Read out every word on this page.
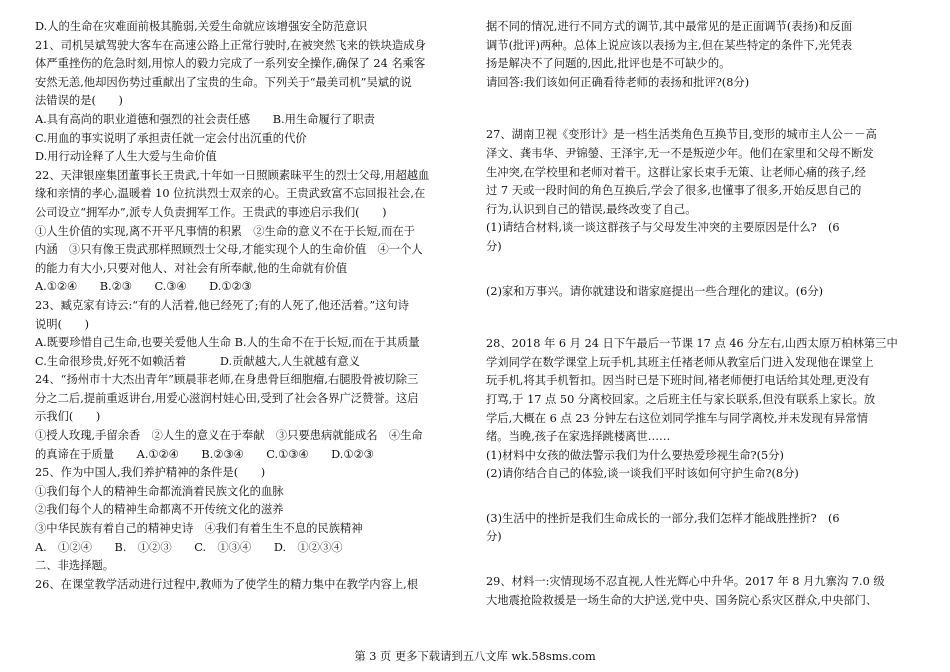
D.人的生命在灾难面前极其脆弱,关爱生命就应该增强安全防范意识
21、司机吴斌驾驶大客车在高速公路上正常行驶时,在被突然飞来的铁块造成身
体严重挫伤的危急时刻,用惊人的毅力完成了一系列安全操作,确保了 24 名乘客
安然无恙,他却因伤势过重献出了宝贵的生命。下列关于“最美司机”吴斌的说
法错误的是(　　)
A.具有高尚的职业道德和强烈的社会责任感　　B.用生命履行了职责
C.用血的事实说明了承担责任就一定会付出沉重的代价
D.用行动诠释了人生大爱与生命价值
22、天津银座集团董事长王贵武,十年如一日照顾素昧平生的烈士父母,用超越血
缘和亲情的孝心,温暖着 10 位抗洪烈士双亲的心。王贵武致富不忘回报社会,在
公司设立“拥军办”,派专人负责拥军工作。王贵武的事迹启示我们(　　)
①人生价值的实现,离不开平凡事情的积累　②生命的意义不在于长短,而在于
内涵　③只有像王贵武那样照顾烈士父母,才能实现个人的生命价值　④一个人
的能力有大小,只要对他人、对社会有所奉献,他的生命就有价值
A.①②④　　B.②③　　C.③④　　D.①②③
23、臧克家有诗云:“有的人活着,他已经死了;有的人死了,他还活着。”这句诗
说明(　　)
A.既要珍惜自己生命,也要关爱他人生命 B.人的生命不在于长短,而在于其质量
C.生命很珍贵,好死不如赖活着　　　D.贡献越大,人生就越有意义
24、“扬州市十大杰出青年”顾晨菲老师,在身患骨巨细胞瘤,右腿股骨被切除三
分之二后,提前重返讲台,用爱心滋润村娃心田,受到了社会各界广泛赞誉。这启
示我们(　　)
①授人玫瑰,手留余香　②人生的意义在于奉献　③只要患病就能成名　④生命
的真谛在于质量　　A.①②④　　B.②③④　　C.①③④　　D.①②③
25、作为中国人,我们养护精神的条件是(　　)
①我们每个人的精神生命都流淌着民族文化的血脉
②我们每个人的精神生命都离不开传统文化的滋养
③中华民族有着自己的精神史诗　④我们有着生生不息的民族精神
A.　①②④　　B.　①②③　　C.　①③④　　D.　①②③④
二、非选择题。
26、在课堂教学活动进行过程中,教师为了使学生的精力集中在教学内容上,根
据不同的情况,进行不同方式的调节,其中最常见的是正面调节(表扬)和反面
调节(批评)两种。总体上说应该以表扬为主,但在某些特定的条件下,光凭表
扬是解决不了问题的,因此,批评也是不可缺少的。
请回答:我们该如何正确看待老师的表扬和批评?(8分)
27、湖南卫视《变形计》是一档生活类角色互换节目,变形的城市主人公－－高
泽文、龚韦华、尹锦鎣、王泽宇,无一不是叛逆少年。他们在家里和父母不断发
生冲突,在学校里和老师对着干。这群让家长束手无策、让老师心痛的孩子,经
过 7 天或一段时间的角色互换后,学会了很多,也懂事了很多,开始反思自己的
行为,认识到自己的错误,最终改变了自己。
(1)请结合材料,谈一谈这群孩子与父母发生冲突的主要原因是什么?　(6
分)
(2)家和万事兴。请你就建设和谐家庭提出一些合理化的建议。(6分)
28、2018 年 6 月 24 日下午最后一节课 17 点 46 分左右,山西太原万柏林第三中
学刘同学在数学课堂上玩手机,其班主任褚老师从教室后门进入发现他在课堂上
玩手机,将其手机暂扣。因当时已是下班时间,褚老师便打电话给其处理,更没有
打骂,于 17 点 50 分离校回家。之后班主任与家长联系,但没有联系上家长。放
学后,大概在 6 点 23 分钟左右这位刘同学推车与同学离校,并未发现有异常情
绪。当晚,孩子在家选择跳楼离世……
(1)材料中女孩的做法警示我们为什么要热爱珍视生命?(5分)
(2)请你结合自己的体验,谈一谈我们平时该如何守护生命?(8分)
(3)生活中的挫折是我们生命成长的一部分,我们怎样才能战胜挫折?　(6
分)
29、材料一:灾情现场不忍直视,人性光辉心中升华。2017 年 8 月九寨沟 7.0 级
大地震抢险救援是一场生命的大护送,党中央、国务院心系灾区群众,中央部门、
第 3 页 更多下载请到五八文库 wk.58sms.com
